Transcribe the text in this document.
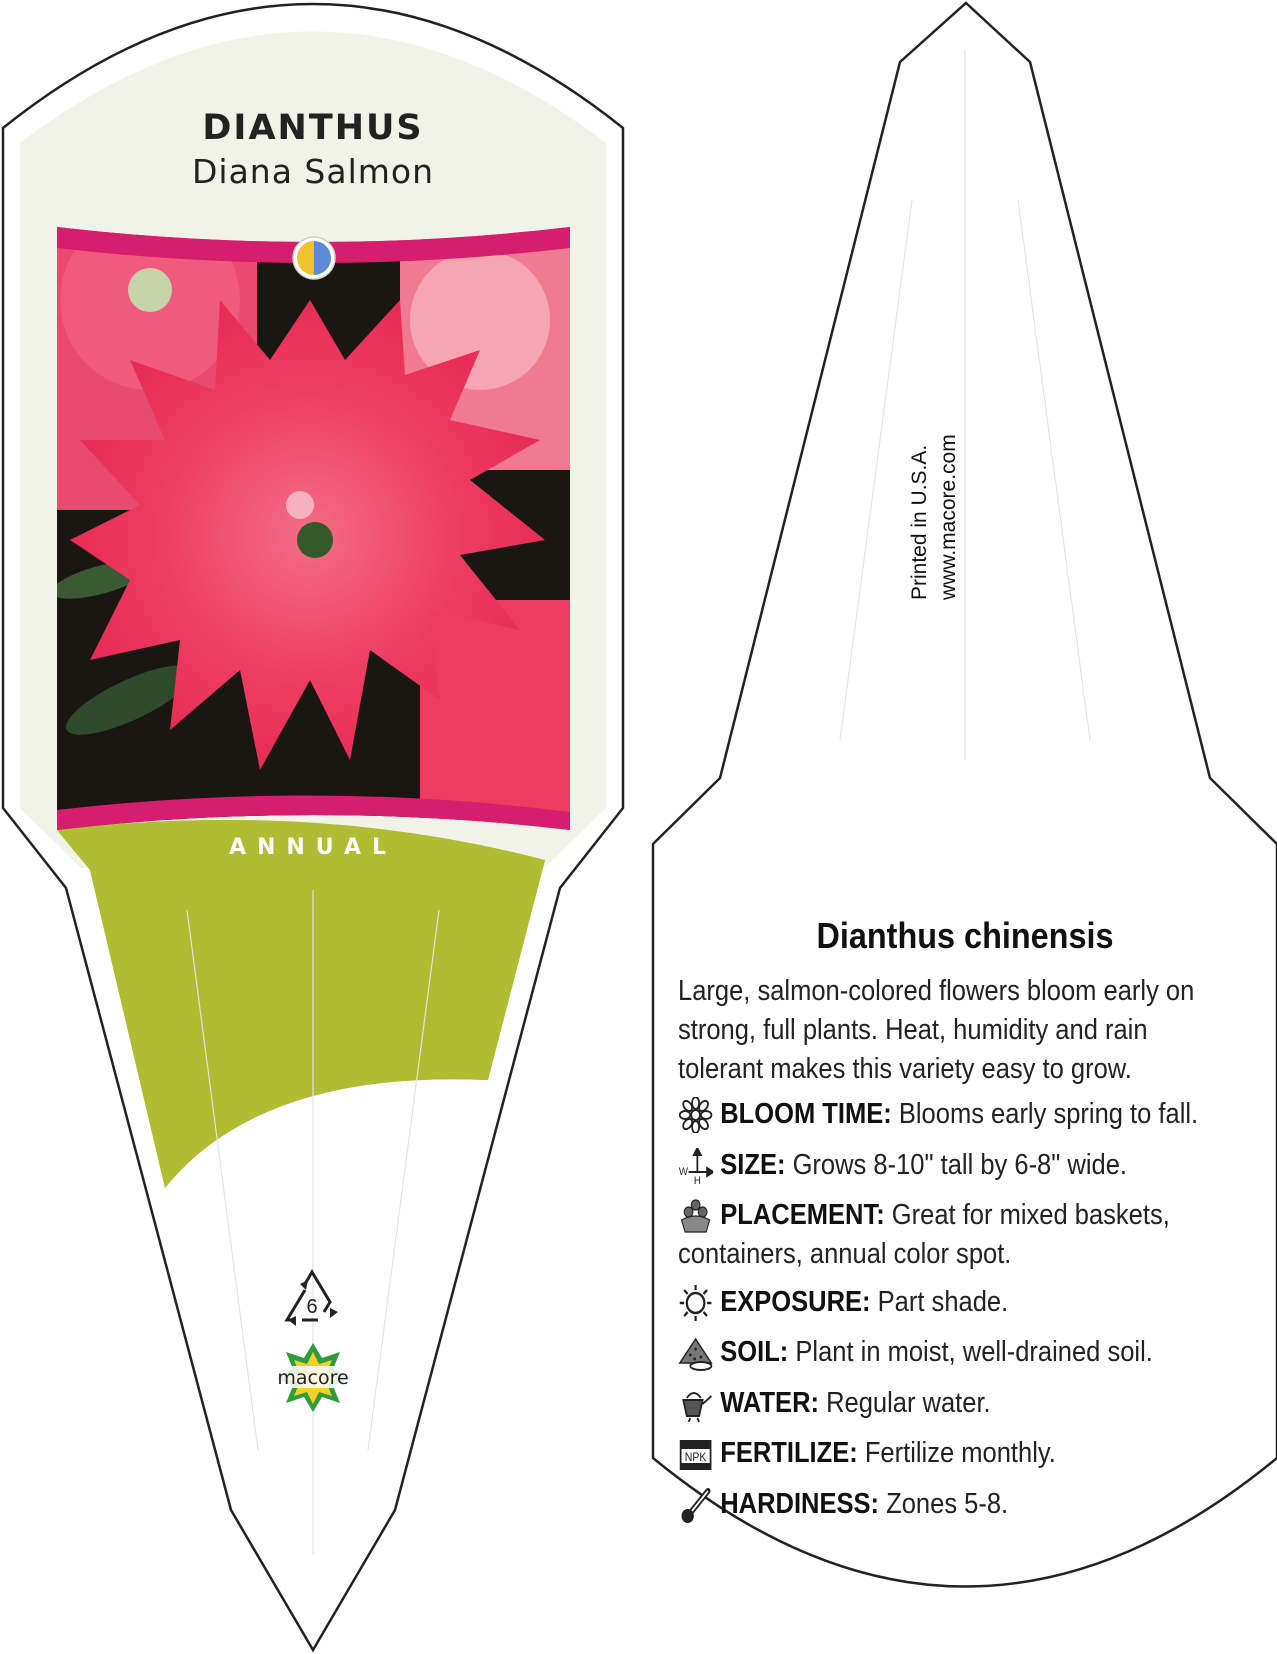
6
macore
DIANTHUS
Diana Salmon
ANNUAL
Printed in U.S.A. www.macore.com
Dianthus chinensis
Large, salmon-colored flowers bloom early on strong, full plants. Heat, humidity and rain tolerant makes this variety easy to grow.
BLOOM TIME: Blooms early spring to fall.
W
H
SIZE: Grows 8-10" tall by 6-8" wide.
PLACEMENT: Great for mixed baskets, containers, annual color spot.
EXPOSURE: Part shade.
SOIL: Plant in moist, well-drained soil.
WATER: Regular water.
NPK FERTILIZE: Fertilize monthly.
HARDINESS: Zones 5-8.
